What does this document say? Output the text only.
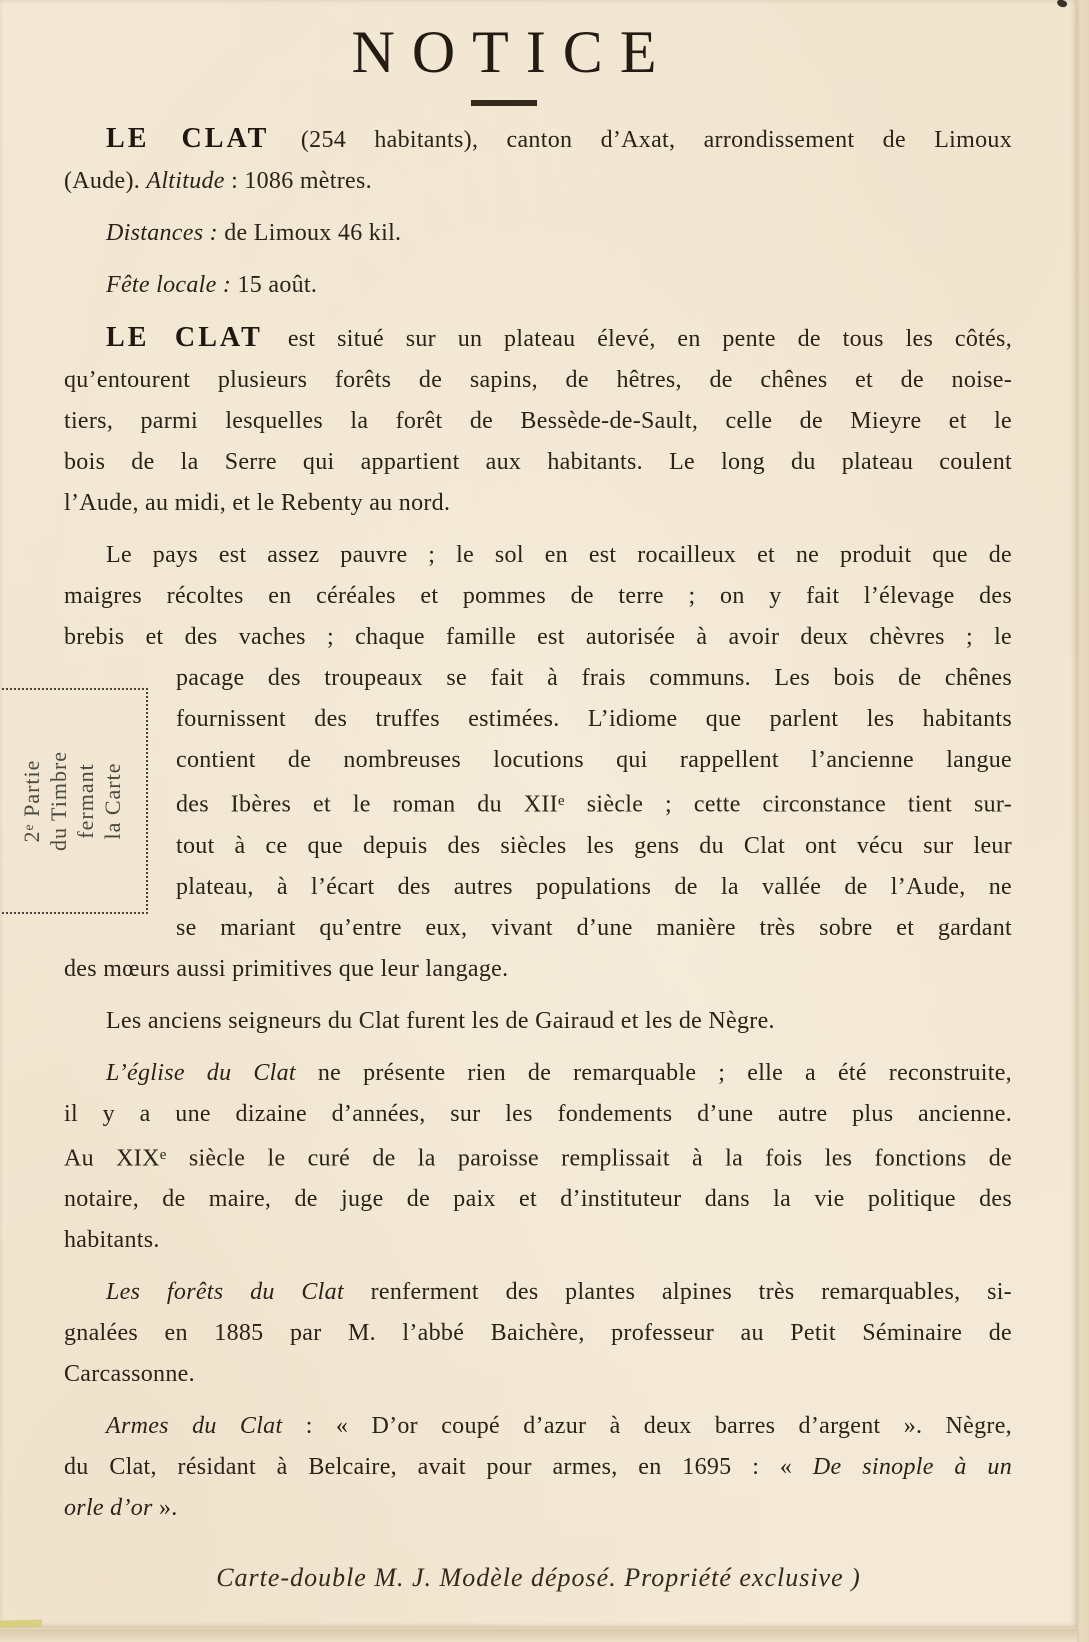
NOTICE
LE CLAT (254 habitants), canton d’Axat, arrondissement de Limoux
(Aude). Altitude : 1086 mètres.
Distances : de Limoux 46 kil.
Fête locale : 15 août.
LE CLAT est situé sur un plateau élevé, en pente de tous les côtés,
qu’entourent plusieurs forêts de sapins, de hêtres, de chênes et de noise-
tiers, parmi lesquelles la forêt de Bessède-de-Sault, celle de Mieyre et le
bois de la Serre qui appartient aux habitants. Le long du plateau coulent
l’Aude, au midi, et le Rebenty au nord.
Le pays est assez pauvre ; le sol en est rocailleux et ne produit que de
maigres récoltes en céréales et pommes de terre ; on y fait l’élevage des
brebis et des vaches ; chaque famille est autorisée à avoir deux chèvres ; le
pacage des troupeaux se fait à frais communs. Les bois de chênes
fournissent des truffes estimées. L’idiome que parlent les habitants
contient de nombreuses locutions qui rappellent l’ancienne langue
des Ibères et le roman du XIIe siècle ; cette circonstance tient sur-
tout à ce que depuis des siècles les gens du Clat ont vécu sur leur
plateau, à l’écart des autres populations de la vallée de l’Aude, ne
se mariant qu’entre eux, vivant d’une manière très sobre et gardant
des mœurs aussi primitives que leur langage.
Les anciens seigneurs du Clat furent les de Gairaud et les de Nègre.
L’église du Clat ne présente rien de remarquable ; elle a été reconstruite,
il y a une dizaine d’années, sur les fondements d’une autre plus ancienne.
Au XIXe siècle le curé de la paroisse remplissait à la fois les fonctions de
notaire, de maire, de juge de paix et d’instituteur dans la vie politique des
habitants.
Les forêts du Clat renferment des plantes alpines très remarquables, si-
gnalées en 1885 par M. l’abbé Baichère, professeur au Petit Séminaire de
Carcassonne.
Armes du Clat : « D’or coupé d’azur à deux barres d’argent ». Nègre,
du Clat, résidant à Belcaire, avait pour armes, en 1695 : « De sinople à un
orle d’or ».
2e Partie du Timbre fermant la Carte
Carte-double M. J. Modèle déposé. Propriété exclusive )
